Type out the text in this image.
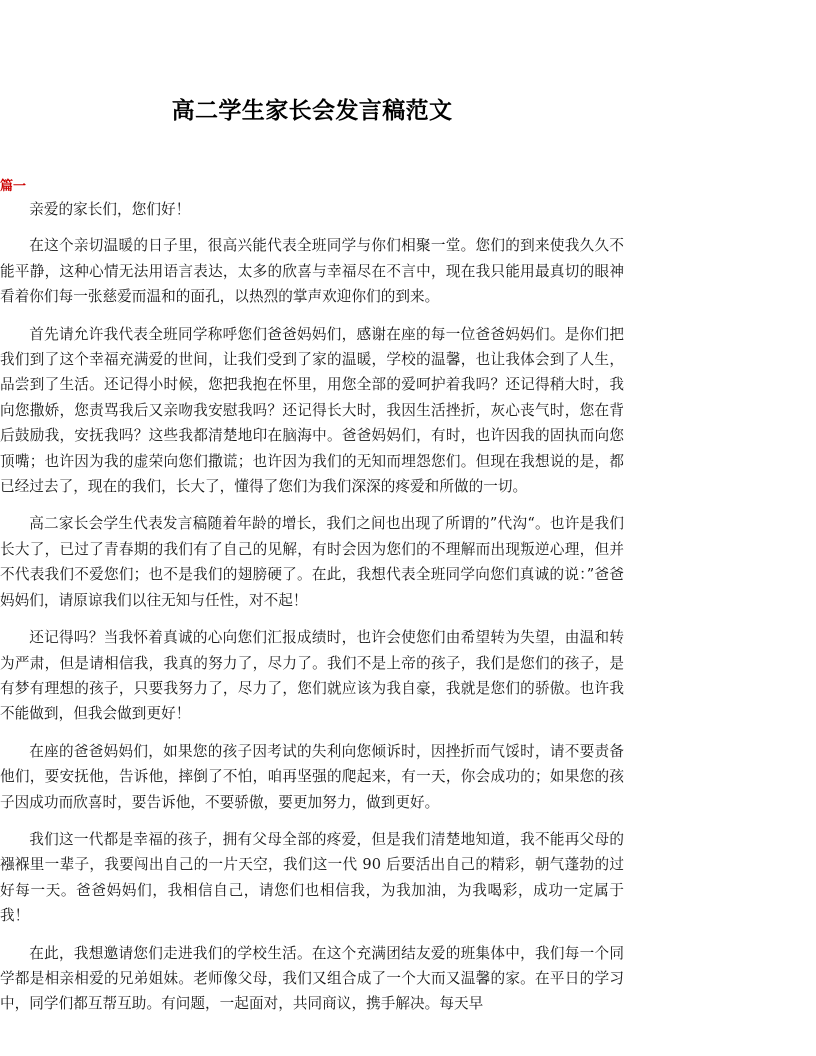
高二学生家长会发言稿范文
篇一

亲爱的家长们，您们好！

在这个亲切温暖的日子里，很高兴能代表全班同学与你们相聚一堂。您们的到来使我久久不能平静，这种心情无法用语言表达，太多的欣喜与幸福尽在不言中，现在我只能用最真切的眼神看着你们每一张慈爱而温和的面孔，以热烈的掌声欢迎你们的到来。

首先请允许我代表全班同学称呼您们爸爸妈妈们，感谢在座的每一位爸爸妈妈们。是你们把我们到了这个幸福充满爱的世间，让我们受到了家的温暖，学校的温馨，也让我体会到了人生，品尝到了生活。还记得小时候，您把我抱在怀里，用您全部的爱呵护着我吗？还记得稍大时，我向您撒娇，您责骂我后又亲吻我安慰我吗？还记得长大时，我因生活挫折，灰心丧气时，您在背后鼓励我，安抚我吗？这些我都清楚地印在脑海中。爸爸妈妈们，有时，也许因我的固执而向您顶嘴；也许因为我的虚荣向您们撒谎；也许因为我们的无知而埋怨您们。但现在我想说的是，都已经过去了，现在的我们，长大了，懂得了您们为我们深深的疼爱和所做的一切。

高二家长会学生代表发言稿随着年龄的增长，我们之间也出现了所谓的”代沟“。也许是我们长大了，已过了青春期的我们有了自己的见解，有时会因为您们的不理解而出现叛逆心理，但并不代表我们不爱您们；也不是我们的翅膀硬了。在此，我想代表全班同学向您们真诚的说：”爸爸妈妈们，请原谅我们以往无知与任性，对不起！

还记得吗？当我怀着真诚的心向您们汇报成绩时，也许会使您们由希望转为失望，由温和转为严肃，但是请相信我，我真的努力了，尽力了。我们不是上帝的孩子，我们是您们的孩子，是有梦有理想的孩子，只要我努力了，尽力了，您们就应该为我自豪，我就是您们的骄傲。也许我不能做到，但我会做到更好！

在座的爸爸妈妈们，如果您的孩子因考试的失利向您倾诉时，因挫折而气馁时，请不要责备他们，要安抚他，告诉他，摔倒了不怕，咱再坚强的爬起来，有一天，你会成功的；如果您的孩子因成功而欣喜时，要告诉他，不要骄傲，要更加努力，做到更好。

我们这一代都是幸福的孩子，拥有父母全部的疼爱，但是我们清楚地知道，我不能再父母的襁褓里一辈子，我要闯出自己的一片天空，我们这一代 90 后要活出自己的精彩，朝气蓬勃的过好每一天。爸爸妈妈们，我相信自己，请您们也相信我，为我加油，为我喝彩，成功一定属于我！

在此，我想邀请您们走进我们的学校生活。在这个充满团结友爱的班集体中，我们每一个同学都是相亲相爱的兄弟姐妹。老师像父母，我们又组合成了一个大而又温馨的家。在平日的学习中，同学们都互帮互助。有问题，一起面对，共同商议，携手解决。每天早
